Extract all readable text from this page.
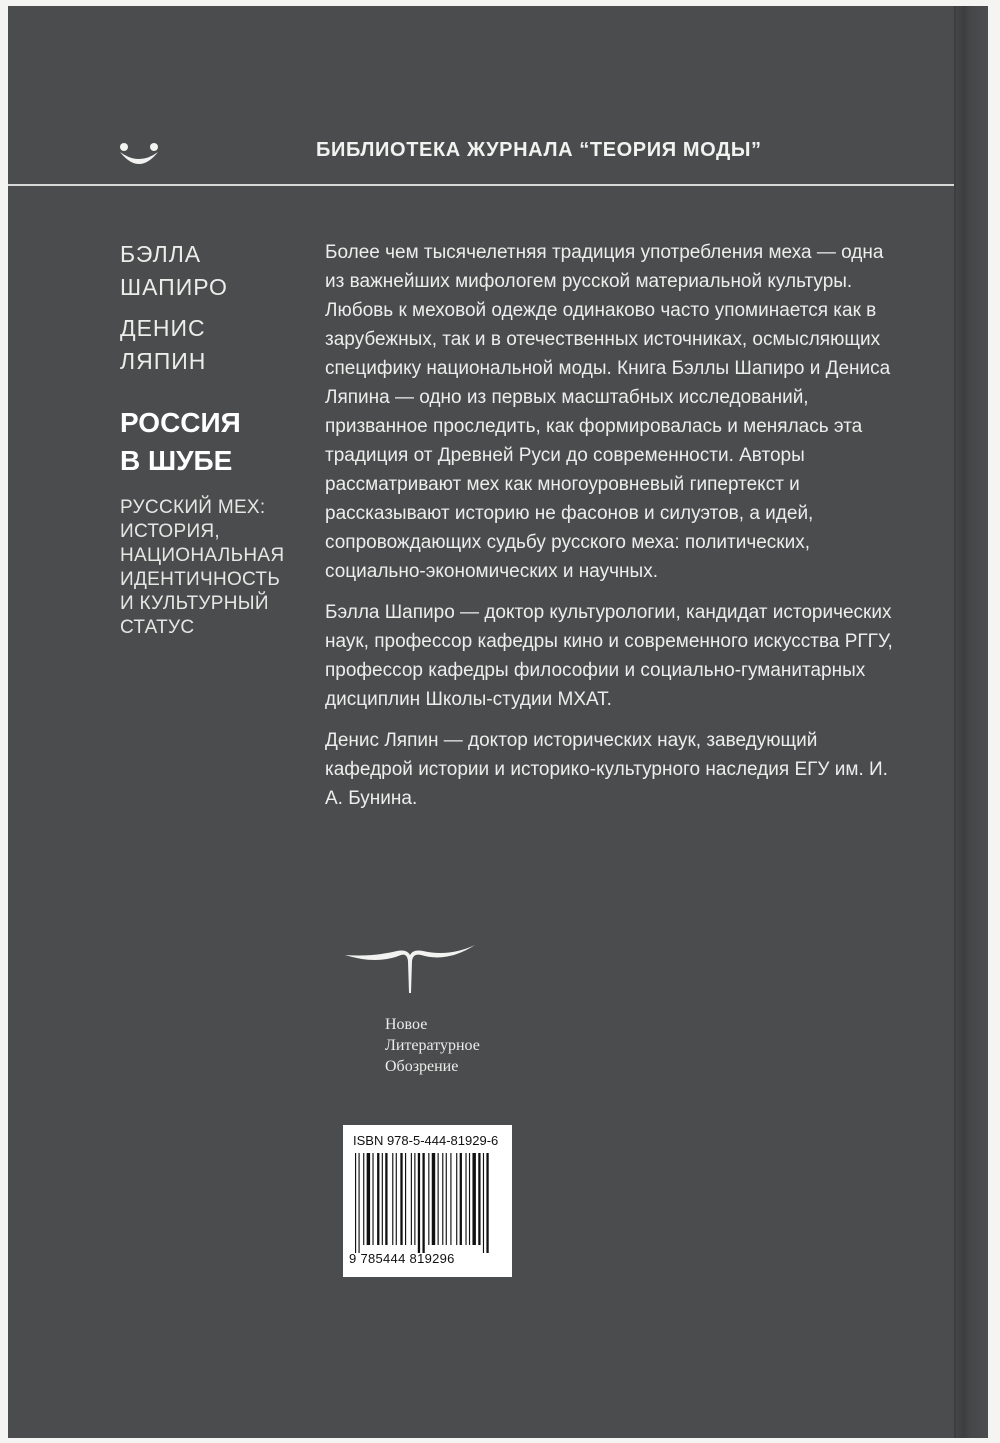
БИБЛИОТЕКА ЖУРНАЛА “ТЕОРИЯ МОДЫ”

БЭЛЛА
ШАПИРО

ДЕНИС
ЛЯПИН

РОССИЯ
В ШУБЕ
РУССКИЙ МЕХ:
ИСТОРИЯ,
НАЦИОНАЛЬНАЯ
ИДЕНТИЧНОСТЬ
И КУЛЬТУРНЫЙ
СТАТУС

Более чем тысячелетняя традиция употребления меха — одна из важнейших мифологем русской материальной культуры. Любовь к меховой одежде одинаково часто упоминается как в зарубежных, так и в отечественных источниках, осмысляющих специфику национальной моды. Книга Бэллы Шапиро и Дениса Ляпина — одно из первых масштабных исследований, призванное проследить, как формировалась и менялась эта традиция от Древней Руси до современности. Авторы рассматривают мех как многоуровневый гипертекст и рассказывают историю не фасонов и силуэтов, а идей, сопровождающих судьбу русского меха: политических, социально-экономических и научных.

Бэлла Шапиро — доктор культурологии, кандидат исторических наук, профессор кафедры кино и современного искусства РГГУ, профессор кафедры философии и социально-гуманитарных дисциплин Школы-студии МХАТ.

Денис Ляпин — доктор исторических наук, заведующий кафедрой истории и историко-культурного наследия ЕГУ им. И. А. Бунина.

Новое
Литературное
Обозрение
ISBN 978-5-444-81929-6
9 785444 819296
